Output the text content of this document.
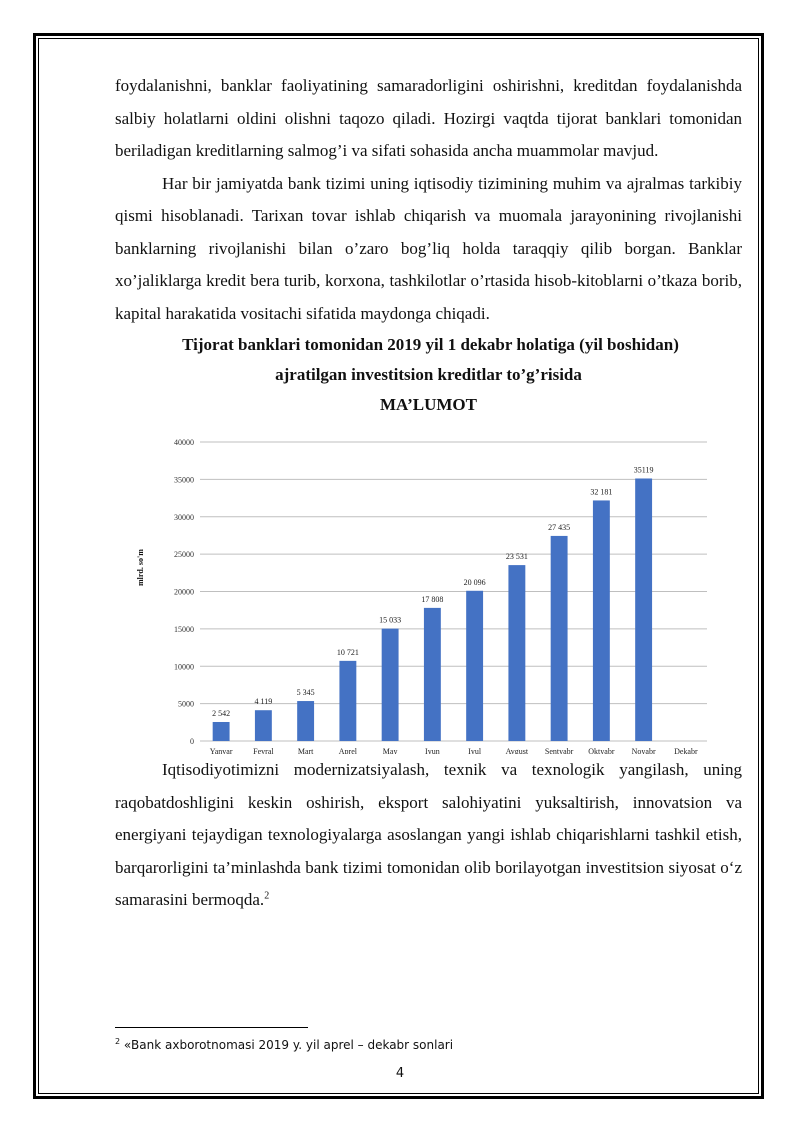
foydalanishni, banklar faoliyatining samaradorligini oshirishni, kreditdan foydalanishda salbiy holatlarni oldini olishni taqozo qiladi. Hozirgi vaqtda tijorat banklari tomonidan beriladigan kreditlarning salmog’i va sifati sohasida ancha muammolar mavjud.

Har bir jamiyatda bank tizimi uning iqtisodiy tizimining muhim va ajralmas tarkibiy qismi hisoblanadi. Tarixan tovar ishlab chiqarish va muomala jarayonining rivojlanishi banklarning rivojlanishi bilan o’zaro bog’liq holda taraqqiy qilib borgan. Banklar xo’jaliklarga kredit bera turib, korxona, tashkilotlar o’rtasida hisob-kitoblarni o’tkaza borib, kapital harakatida vositachi sifatida maydonga chiqadi.

Tijorat banklari tomonidan 2019 yil 1 dekabr holatiga (yil boshidan)

ajratilgan investitsion kreditlar to’g’risida

MA’LUMOT

0
5000
10000
15000
20000
25000
30000
35000
40000
mlrd. so'm
2 542
Yanvar
4 119
Fevral
5 345
Mart
10 721
Aprel
15 033
May
17 808
Iyun
20 096
Iyul
23 531
Avgust
27 435
Sentyabr
32 181
Oktyabr
35119
Noyabr Dekabr

Iqtisodiyotimizni modernizatsiyalash, texnik va texnologik yangilash, uning raqobatdoshligini keskin oshirish, eksport salohiyatini yuksaltirish, innovatsion va energiyani tejaydigan texnologiyalarga asoslangan yangi ishlab chiqarishlarni tashkil etish, barqarorligini ta’minlashda bank tizimi tomonidan olib borilayotgan investitsion siyosat o‘z samarasini bermoqda.$^2$

$^2$ «Bank axborotnomasi 2019 y. yil aprel – dekabr sonlari
4
